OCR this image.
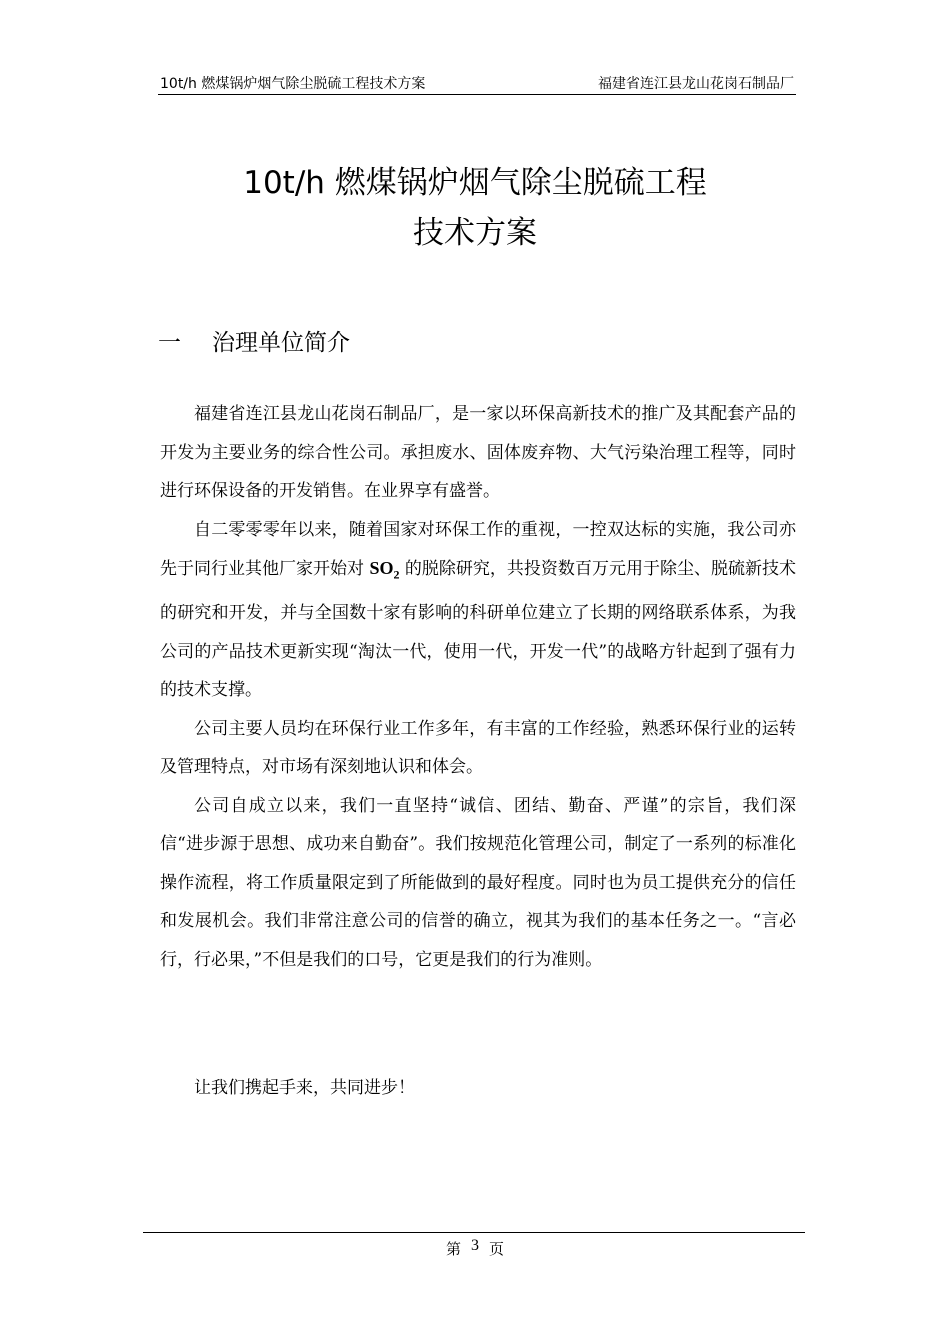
10t/h 燃煤锅炉烟气除尘脱硫工程技术方案	福建省连江县龙山花岗石制品厂
10t/h 燃煤锅炉烟气除尘脱硫工程
技术方案
一 治理单位简介

福建省连江县龙山花岗石制品厂，是一家以环保高新技术的推广及其配套产品的开发为主要业务的综合性公司。承担废水、固体废弃物、大气污染治理工程等，同时进行环保设备的开发销售。在业界享有盛誉。

自二零零零年以来，随着国家对环保工作的重视，一控双达标的实施，我公司亦先于同行业其他厂家开始对 $SO_2$ 的脱除研究，共投资数百万元用于除尘、脱硫新技术的研究和开发，并与全国数十家有影响的科研单位建立了长期的网络联系体系，为我公司的产品技术更新实现“淘汰一代，使用一代，开发一代”的战略方针起到了强有力的技术支撑。

公司主要人员均在环保行业工作多年，有丰富的工作经验，熟悉环保行业的运转及管理特点，对市场有深刻地认识和体会。

公司自成立以来，我们一直坚持“诚信、团结、勤奋、严谨”的宗旨，我们深信“进步源于思想、成功来自勤奋”。我们按规范化管理公司，制定了一系列的标准化操作流程，将工作质量限定到了所能做到的最好程度。同时也为员工提供充分的信任和发展机会。我们非常注意公司的信誉的确立，视其为我们的基本任务之一。“言必行，行必果，”不但是我们的口号，它更是我们的行为准则。

让我们携起手来，共同进步！
第 3 页
